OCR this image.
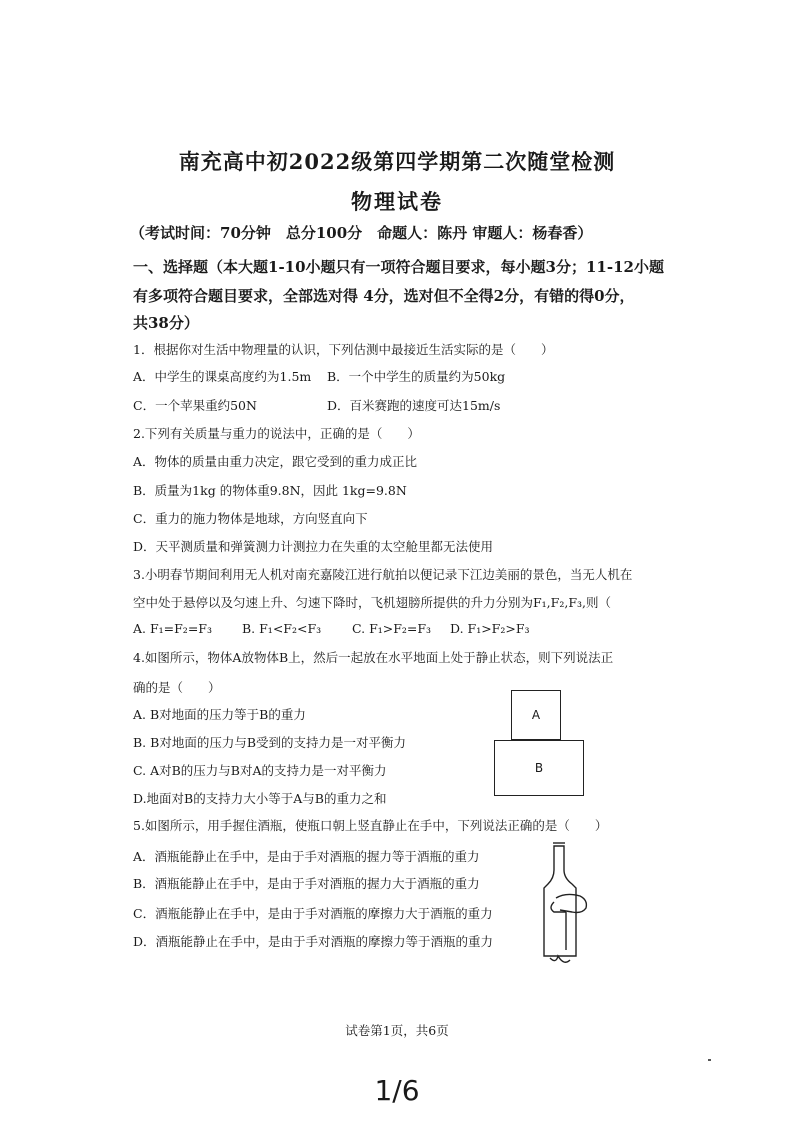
南充高中初2022级第四学期第二次随堂检测
物理试卷
（考试时间：70分钟　总分100分　命题人：陈丹 审题人：杨春香）
一、选择题（本大题1-10小题只有一项符合题目要求，每小题3分；11-12小题
有多项符合题目要求，全部选对得 4分，选对但不全得2分，有错的得0分，
共38分）
1．根据你对生活中物理量的认识，下列估测中最接近生活实际的是（　　）
A．中学生的课桌高度约为1.5m B．一个中学生的质量约为50kg
C．一个苹果重约50N	D．百米赛跑的速度可达15m/s
2.下列有关质量与重力的说法中，正确的是（　　）
A．物体的质量由重力决定，跟它受到的重力成正比
B．质量为1kg 的物体重9.8N，因此 1kg=9.8N
C．重力的施力物体是地球，方向竖直向下
D．天平测质量和弹簧测力计测拉力在失重的太空舱里都无法使用
3.小明春节期间利用无人机对南充嘉陵江进行航拍以便记录下江边美丽的景色，当无人机在
空中处于悬停以及匀速上升、匀速下降时，飞机翅膀所提供的升力分别为F₁,F₂,F₃,则（
A. F₁=F₂=F₃ B. F₁<F₂<F₃ C. F₁>F₂=F₃ D. F₁>F₂>F₃
4.如图所示，物体A放物体B上，然后一起放在水平地面上处于静止状态，则下列说法正
确的是（　　）
A. B对地面的压力等于B的重力
B. B对地面的压力与B受到的支持力是一对平衡力
C. A对B的压力与B对A的支持力是一对平衡力
D.地面对B的支持力大小等于A与B的重力之和
A
B
5.如图所示，用手握住酒瓶，使瓶口朝上竖直静止在手中，下列说法正确的是（　　）
A．酒瓶能静止在手中，是由于手对酒瓶的握力等于酒瓶的重力
B．酒瓶能静止在手中，是由于手对酒瓶的握力大于酒瓶的重力
C．酒瓶能静止在手中，是由于手对酒瓶的摩擦力大于酒瓶的重力
D．酒瓶能静止在手中，是由于手对酒瓶的摩擦力等于酒瓶的重力
试卷第1页，共6页
1/6
